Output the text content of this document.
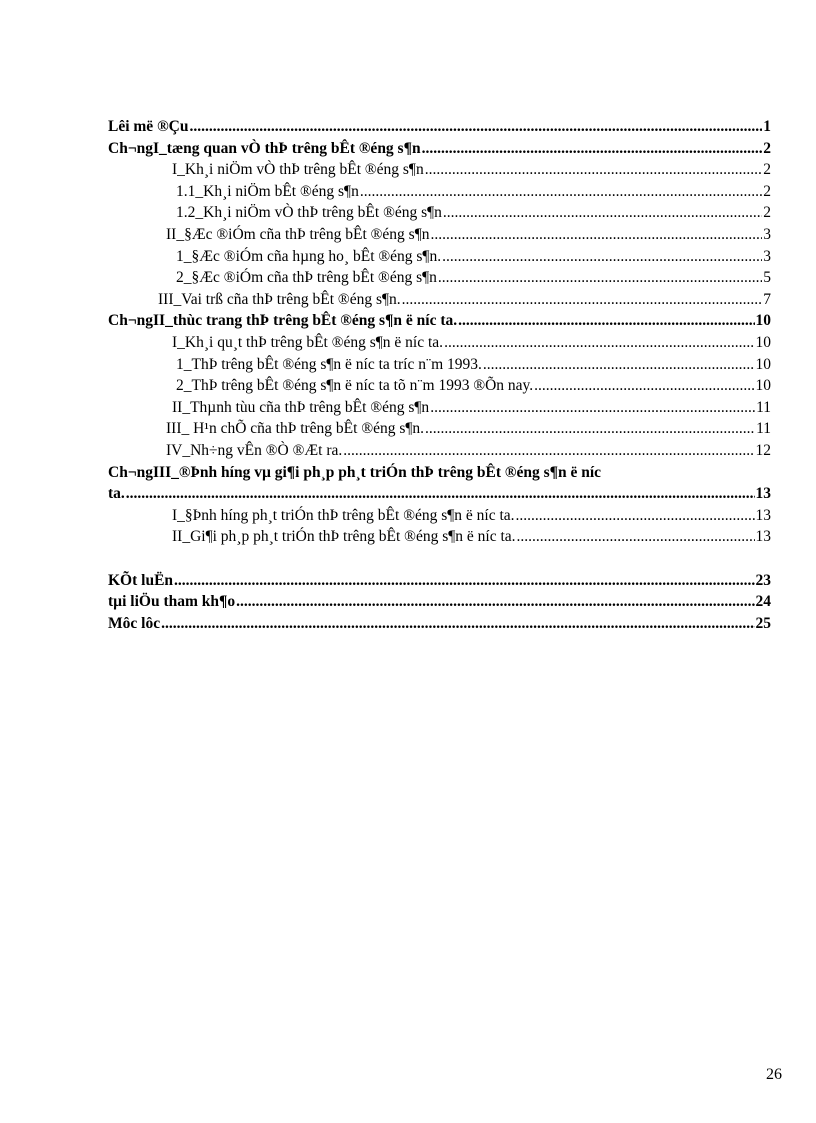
Lêi më ®Çu .....	1
Ch¬ngI_tæng quan vÒ thÞ trêng bÊt ®éng s¶n .....	2
I_Kh¸i niÖm vÒ thÞ trêng bÊt ®éng s¶n .....	2
1.1_Kh¸i niÖm bÊt ®éng s¶n .....	2
1.2_Kh¸i niÖm vÒ thÞ trêng bÊt ®éng s¶n .....	2
II_§Æc ®iÓm cña thÞ trêng bÊt ®éng s¶n .....	3
1_§Æc ®iÓm cña hµng ho¸ bÊt ®éng s¶n. .....	3
2_§Æc ®iÓm cña thÞ trêng bÊt ®éng s¶n .....	5
III_Vai trß cña thÞ trêng bÊt ®éng s¶n. .....	7
Ch¬ngII_thùc trang thÞ trêng bÊt ®éng s¶n ë níc ta. .....	10
I_Kh¸i qu¸t thÞ trêng bÊt ®éng s¶n ë níc ta. .....	10
1_ThÞ trêng bÊt ®éng s¶n ë níc ta tríc n¨m 1993. .....	10
2_ThÞ trêng bÊt ®éng s¶n ë níc ta tõ n¨m 1993 ®Õn nay. .....	10
II_Thµnh tùu cña thÞ trêng bÊt ®éng s¶n .....	11
III_ H¹n chÕ cña thÞ trêng bÊt ®éng s¶n. .....	11
IV_Nh÷ng vÊn ®Ò ®Æt ra. .....	12
Ch¬ngIII_®Þnh híng vµ gi¶i ph¸p ph¸t triÓn thÞ trêng bÊt ®éng s¶n ë níc
ta. .....	13
I_§Þnh híng ph¸t triÓn thÞ trêng bÊt ®éng s¶n ë níc ta. .....	13
II_Gi¶i ph¸p ph¸t triÓn thÞ trêng bÊt ®éng s¶n ë níc ta. .....	13
KÕt luËn .....	23
tµi liÖu tham kh¶o .....	24
Môc lôc .....	25
26
